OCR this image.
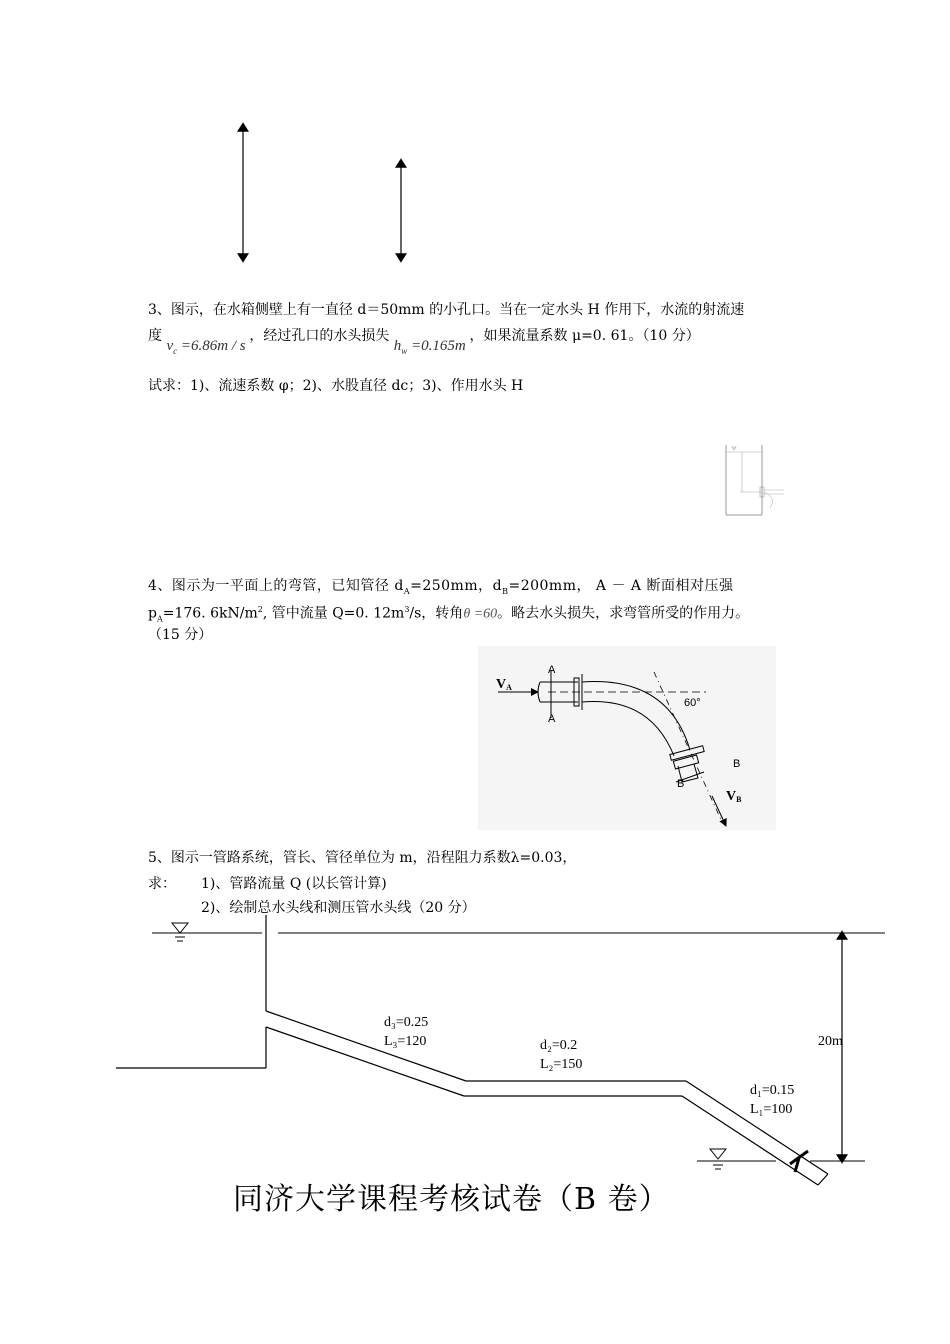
3、图示，在水箱侧壁上有一直径 d＝50mm 的小孔口。当在一定水头 H 作用下，水流的射流速
度 $v_c =6.86m / s$ ，经过孔口的水头损失 $h_w =0.165m$ ，如果流量系数 μ=0. 61。（10 分）
试求：1)、流速系数 φ；2)、水股直径 dc；3)、作用水头 H
4、图示为一平面上的弯管，已知管径 $d_A=250mm$，$d_B=200mm$， A － A 断面相对压强
$p_A=176$. $6kN/m^2$, 管中流量 Q=0. $12m^3/s$，转角θ =60。略去水头损失，求弯管所受的作用力。
（15 分）
VA
A
A
60°
B
B
VB
5、图示一管路系统，管长、管径单位为 m，沿程阻力系数λ=0.03，
求： 1)、管路流量 Q (以长管计算)
2)、绘制总水头线和测压管水头线（20 分）
d₃=0.25
L₃=120	d₂=0.2
L₂=150
d₁=0.15
L₁=100
20m
同济大学课程考核试卷（B 卷）
